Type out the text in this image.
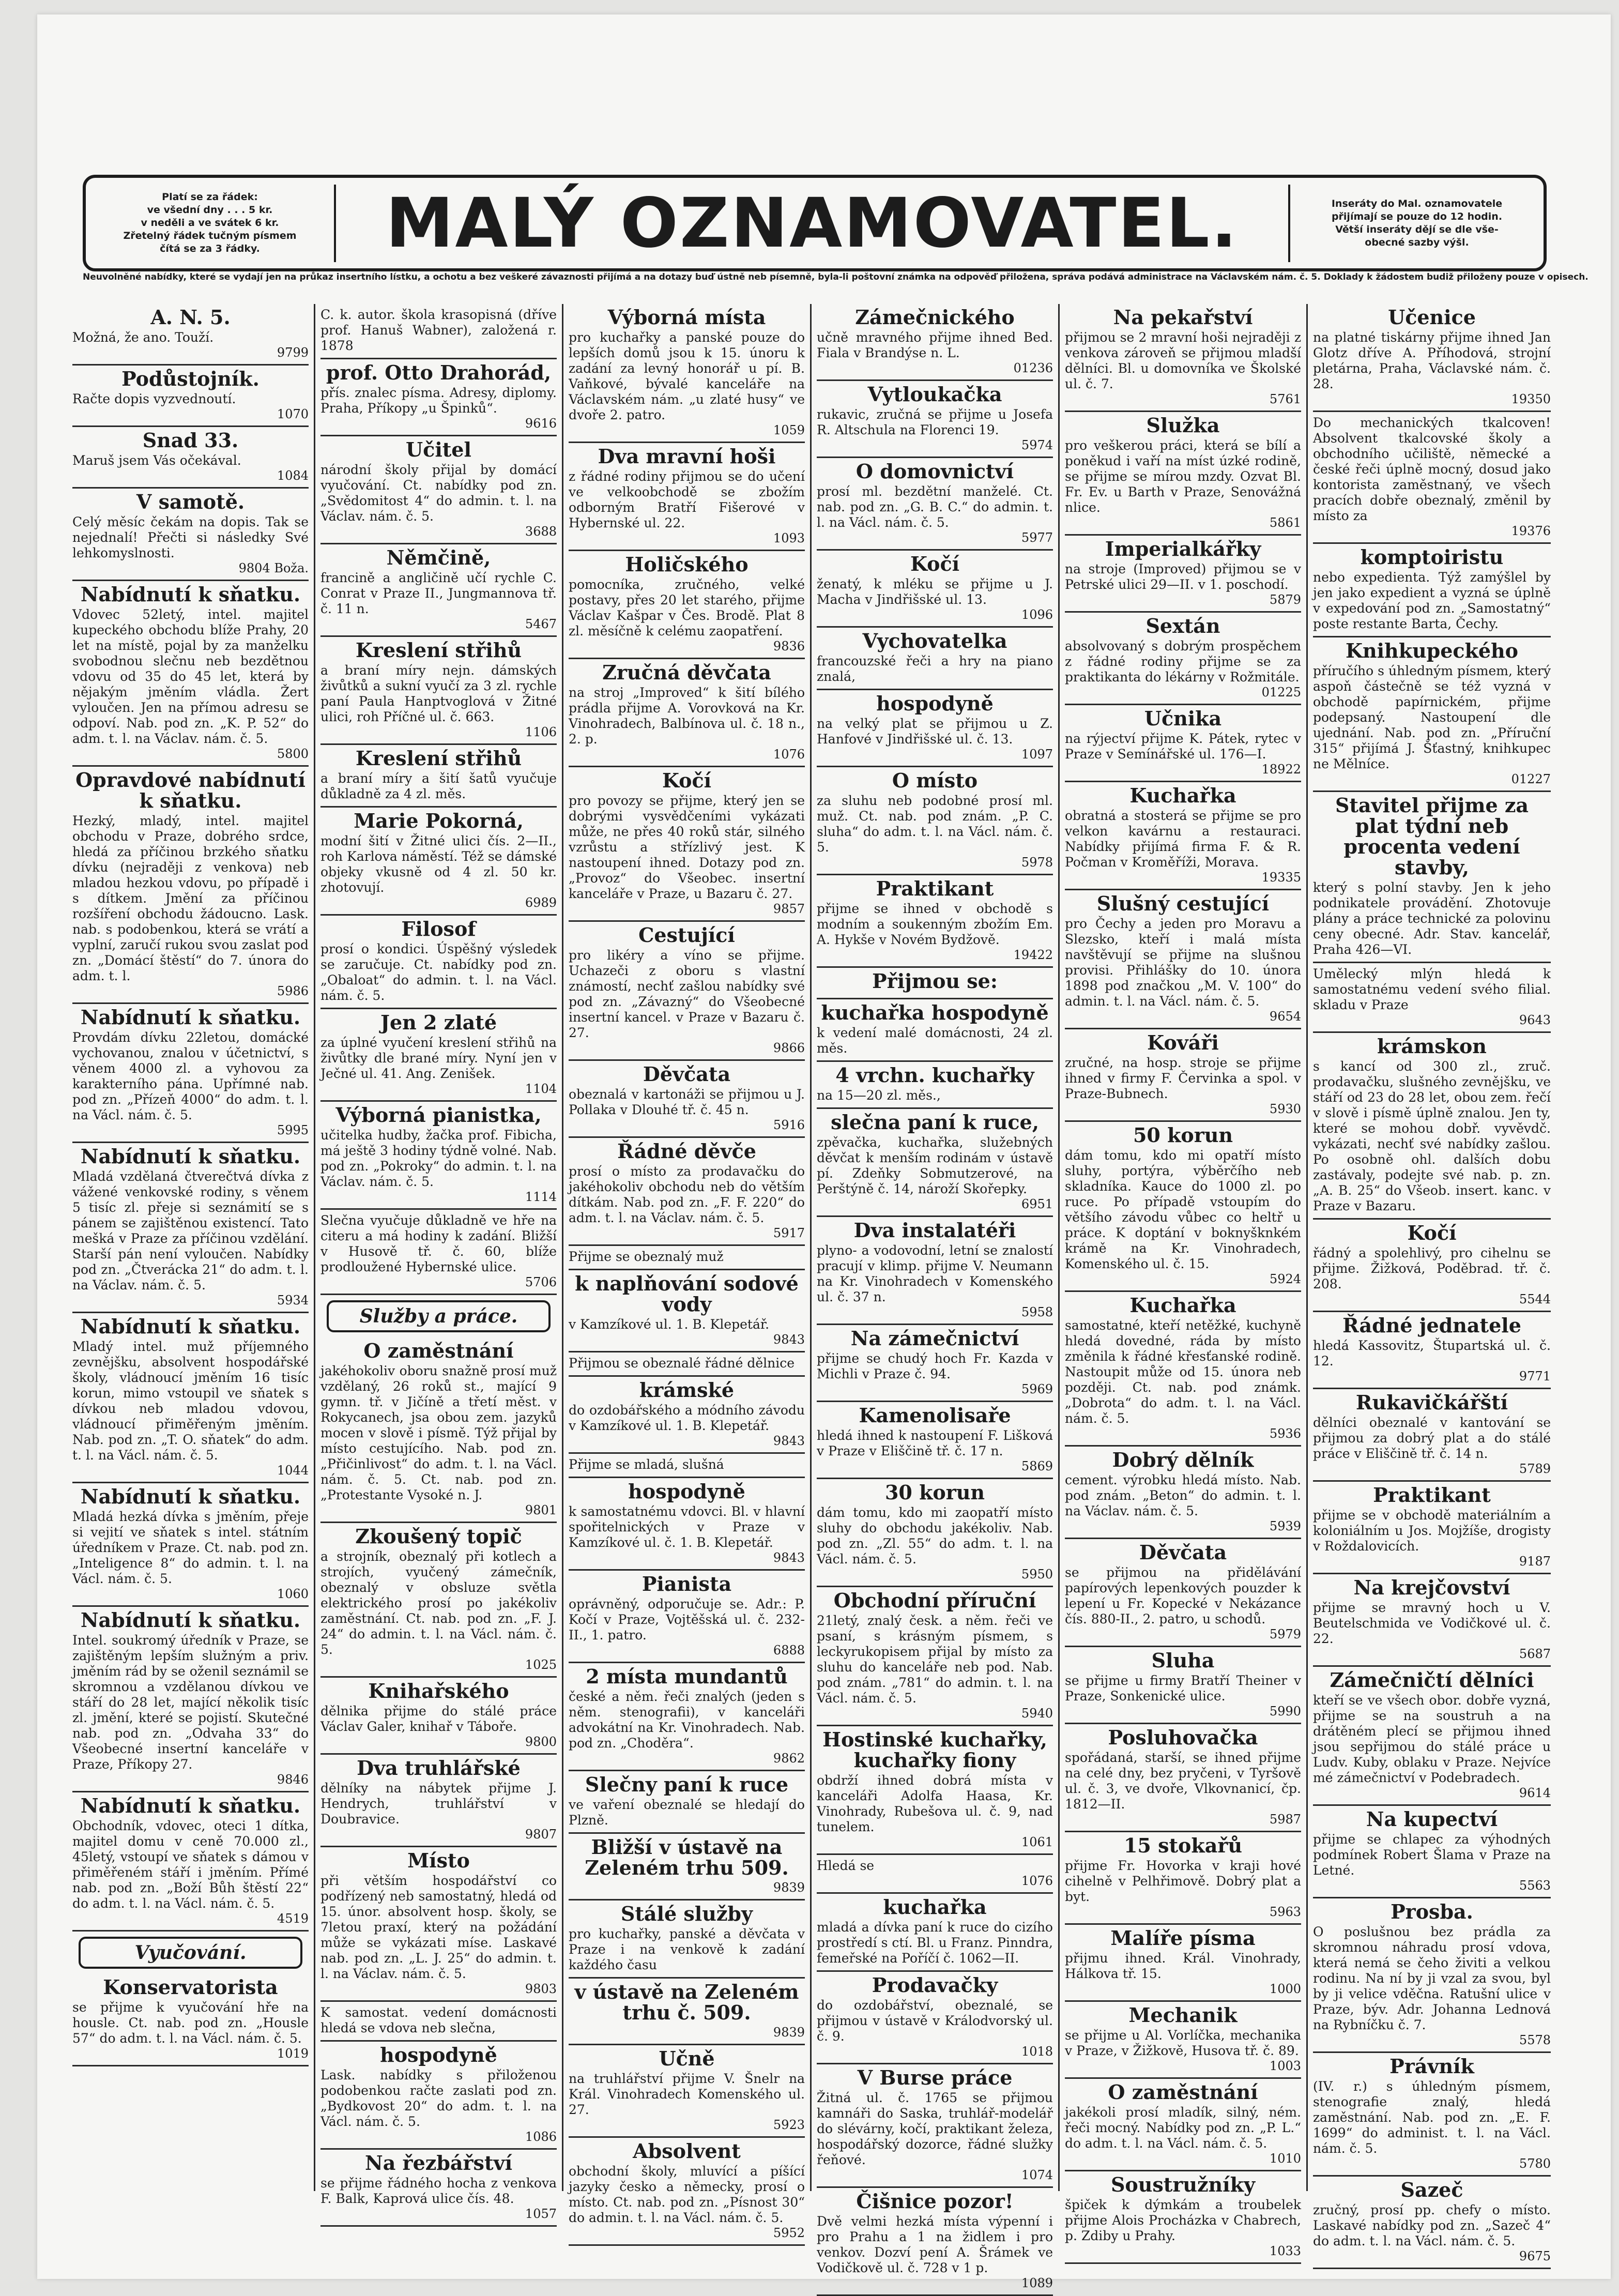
Platí se za řádek:
ve všední dny . . . 5 kr.
v neděli a ve svátek 6 kr.
Zřetelný řádek tučným písmem
čítá se za 3 řádky.	MALÝ OZNAMOVATEL.	Inseráty do Mal. oznamovatele
přijímají se pouze do 12 hodin.
Větší inseráty dějí se dle vše-
obecné sazby výšl.
Neuvolněné nabídky, které se vydají jen na průkaz insertního lístku, a ochotu a bez veškeré závaznosti přijímá a na dotazy buď ústně neb písemně, byla-li poštovní známka na odpověď přiložena, správa podává administrace na Václavském nám. č. 5. Doklady k žádostem budiž přiloženy pouze v opisech.
A. N. 5.

Možná, že ano. Touží.

9799
Podůstojník.

Račte dopis vyzvednoutí.

1070
Snad 33.

Maruš jsem Vás očekával.

1084
V samotě.

Celý měsíc čekám na dopis. Tak se nejednalí! Přečti si následky Své lehkomyslnosti.

9804 Boža.
Nabídnutí k sňatku.

Vdovec 52letý, intel. majitel kupeckého obchodu blíže Prahy, 20 let na místě, pojal by za manželku svobodnou slečnu neb bezdětnou vdovu od 35 do 45 let, která by nějakým jměním vládla. Žert vyloučen. Jen na přímou adresu se odpoví. Nab. pod zn. „K. P. 52“ do adm. t. l. na Václav. nám. č. 5.

5800
Opravdové nabídnutí k sňatku.

Hezký, mladý, intel. majitel obchodu v Praze, dobrého srdce, hledá za příčinou brzkého sňatku dívku (nejraději z venkova) neb mladou hezkou vdovu, po případě i s dítkem. Jmění za příčinou rozšíření obchodu žádoucno. Lask. nab. s podobenkou, která se vrátí a vyplní, zaručí rukou svou zaslat pod zn. „Domácí štěstí“ do 7. února do adm. t. l.

5986
Nabídnutí k sňatku.

Provdám dívku 22letou, domácké vychovanou, znalou v účetnictví, s věnem 4000 zl. a vyhovou za karakterního pána. Upřímné nab. pod zn. „Přízeň 4000“ do adm. t. l. na Václ. nám. č. 5.

5995
Nabídnutí k sňatku.

Mladá vzdělaná čtverečtvá dívka z vážené venkovské rodiny, s věnem 5 tisíc zl. přeje si seznámití se s pánem se zajištěnou existencí. Tato mešká v Praze za příčinou vzdělání. Starší pán není vyloučen. Nabídky pod zn. „Čtverácka 21“ do adm. t. l. na Václav. nám. č. 5.

5934
Nabídnutí k sňatku.

Mladý intel. muž příjemného zevnějšku, absolvent hospodářské školy, vládnoucí jměním 16 tisíc korun, mimo vstoupil ve sňatek s dívkou neb mladou vdovou, vládnoucí přiměřeným jměním. Nab. pod zn. „T. O. sňatek“ do adm. t. l. na Václ. nám. č. 5.

1044
Nabídnutí k sňatku.

Mladá hezká dívka s jměním, přeje si vejití ve sňatek s intel. státním úředníkem v Praze. Ct. nab. pod zn. „Inteligence 8“ do admin. t. l. na Václ. nám. č. 5.

1060
Nabídnutí k sňatku.

Intel. soukromý úředník v Praze, se zajištěným lepším služným a priv. jměním rád by se oženil seznámil se skromnou a vzdělanou dívkou ve stáří do 28 let, mající několik tisíc zl. jmění, které se pojistí. Skutečné nab. pod zn. „Odvaha 33“ do Všeobecné insertní kanceláře v Praze, Příkopy 27.

9846
Nabídnutí k sňatku.

Obchodník, vdovec, oteci 1 dítka, majitel domu v ceně 70.000 zl., 45letý, vstoupí ve sňatek s dámou v přiměřeném stáří i jměním. Přímé nab. pod zn. „Boží Bůh štěstí 22“ do adm. t. l. na Václ. nám. č. 5.

4519
Vyučování.
Konservatorista

se přijme k vyučování hře na housle. Ct. nab. pod zn. „Housle 57“ do adm. t. l. na Václ. nám. č. 5.

1019

C. k. autor. škola krasopisná (dříve prof. Hanuš Wabner), založená r. 1878

prof. Otto Drahorád,

přís. znalec písma. Adresy, diplomy. Praha, Příkopy „u Špinků“.

9616
Učitel

národní školy přijal by domácí vyučování. Ct. nabídky pod zn. „Svědomitost 4“ do admin. t. l. na Václav. nám. č. 5.

3688
Němčině,

francině a angličině učí rychle C. Conrat v Praze II., Jungmannova tř. č. 11 n.

5467
Kreslení střihů

a braní míry nejn. dámských živůtků a sukní vyučí za 3 zl. rychle paní Paula Hanptvoglová v Žitné ulici, roh Příčné ul. č. 663.

1106
Kreslení střihů

a braní míry a šití šatů vyučuje důkladně za 4 zl. měs.

Marie Pokorná,

modní šití v Žitné ulici čís. 2—II., roh Karlova náměstí. Též se dámské objeky vkusně od 4 zl. 50 kr. zhotovují.

6989
Filosof

prosí o kondici. Úspěšný výsledek se zaručuje. Ct. nabídky pod zn. „Obaloat“ do admin. t. l. na Václ. nám. č. 5.

Jen 2 zlaté

za úplné vyučení kreslení střihů na živůtky dle brané míry. Nyní jen v Ječné ul. 41. Ang. Zenišek.

1104
Výborná pianistka,

učitelka hudby, žačka prof. Fibicha, má ještě 3 hodiny týdně volné. Nab. pod zn. „Pokroky“ do admin. t. l. na Václav. nám. č. 5.

1114

Slečna vyučuje důkladně ve hře na citeru a má hodiny k zadání. Bližší v Husově tř. č. 60, blíže prodloužené Hybernské ulice.

5706
Služby a práce.
O zaměstnání

jakéhokoliv oboru snažně prosí muž vzdělaný, 26 roků st., mající 9 gymn. tř. v Jičíně a třetí měst. v Rokycanech, jsa obou zem. jazyků mocen v slově i písmě. Týž přijal by místo cestujícího. Nab. pod zn. „Přičinlivost“ do adm. t. l. na Václ. nám. č. 5. Ct. nab. pod zn. „Protestante Vysoké n. J.

9801
Zkoušený topič

a strojník, obeznalý při kotlech a strojích, vyučený zámečník, obeznalý v obsluze světla elektrického prosí po jakékoliv zaměstnání. Ct. nab. pod zn. „F. J. 24“ do admin. t. l. na Václ. nám. č. 5.

1025
Knihařského

dělnika přijme do stálé práce Václav Galer, knihař v Táboře.

9800
Dva truhlářské

dělníky na nábytek přijme J. Hendrych, truhlářství v Doubravice.

9807
Místo

při větším hospodářství co podřízený neb samostatný, hledá od 15. únor. absolvent hosp. školy, se 7letou praxí, který na požádání může se vykázati míse. Laskavé nab. pod zn. „L. J. 25“ do admin. t. l. na Václav. nám. č. 5.

9803

K samostat. vedení domácnosti hledá se vdova neb slečna,

hospodyně

Lask. nabídky s přiloženou podobenkou račte zaslati pod zn. „Bydkovost 20“ do adm. t. l. na Václ. nám. č. 5.

1086
Na řezbářství

se přijme řádného hocha z venkova F. Balk, Kaprová ulice čís. 48.

1057
Výborná místa

pro kuchařky a panské pouze do lepších domů jsou k 15. únoru k zadání za levný honorář u pí. B. Vaňkové, bývalé kanceláře na Václavském nám. „u zlaté husy“ ve dvoře 2. patro.

1059
Dva mravní hoši

z řádné rodiny přijmou se do učení ve velkoobchodě se zbožím odborným Bratří Fišerové v Hybernské ul. 22.

1093
Holičského

pomocníka, zručného, velké postavy, přes 20 let starého, přijme Václav Kašpar v Čes. Brodě. Plat 8 zl. měsíčně k celému zaopatření.

9836
Zručná děvčata

na stroj „Improved“ k šití bílého prádla přijme A. Vorovková na Kr. Vinohradech, Balbínova ul. č. 18 n., 2. p.

1076
Kočí

pro povozy se přijme, který jen se dobrými vysvědčeními vykázati může, ne přes 40 roků stár, silného vzrůstu a střízlivý jest. K nastoupení ihned. Dotazy pod zn. „Provoz“ do Všeobec. insertní kanceláře v Praze, u Bazaru č. 27.

9857
Cestující

pro likéry a víno se přijme. Uchazeči z oboru s vlastní známostí, nechť zašlou nabídky své pod zn. „Závazný“ do Všeobecné insertní kancel. v Praze v Bazaru č. 27.

9866
Děvčata

obeznalá v kartonáži se přijmou u J. Pollaka v Dlouhé tř. č. 45 n.

5916
Řádné děvče

prosí o místo za prodavačku do jakéhokoliv obchodu neb do větším dítkám. Nab. pod zn. „F. F. 220“ do adm. t. l. na Václav. nám. č. 5.

5917

Přijme se obeznalý muž

k naplňování sodové vody

v Kamzíkové ul. 1. B. Klepetář.

9843

Přijmou se obeznalé řádné dělnice

krámské

do ozdobářského a módního závodu v Kamzíkové ul. 1. B. Klepetář.

9843

Přijme se mladá, slušná

hospodyně

k samostatnému vdovci. Bl. v hlavní spořitelnických v Praze v Kamzíkové ul. č. 1. B. Klepetář.

9843
Pianista

oprávněný, odporučuje se. Adr.: P. Kočí v Praze, Vojtěšská ul. č. 232-II., 1. patro.

6888
2 místa mundantů

české a něm. řeči znalých (jeden s něm. stenografii), v kanceláři advokátní na Kr. Vinohradech. Nab. pod zn. „Choděra“.

9862
Slečny paní k ruce

ve vaření obeznalé se hledají do Plzně.

Bližší v ústavě na Zeleném trhu 509.
9839
Stálé služby

pro kuchařky, panské a děvčata v Praze i na venkově k zadání každého času

v ústavě na Zeleném trhu č. 509.
9839
Učně

na truhlářství přijme V. Šnelr na Král. Vinohradech Komenského ul. 27.

5923
Absolvent

obchodní školy, mluvící a píšící jazyky česko a německy, prosí o místo. Ct. nab. pod zn. „Písnost 30“ do admin. t. l. na Václ. nám. č. 5.

5952
Zámečnického

učně mravného přijme ihned Bed. Fiala v Brandýse n. L.

01236
Vytloukačka

rukavic, zručná se přijme u Josefa R. Altschula na Florenci 19.

5974
O domovnictví

prosí ml. bezdětní manželé. Ct. nab. pod zn. „G. B. C.“ do admin. t. l. na Václ. nám. č. 5.

5977
Kočí

ženatý, k mléku se přijme u J. Macha v Jindřišské ul. 13.

1096
Vychovatelka

francouzské řeči a hry na piano znalá,

hospodyně

na velký plat se přijmou u Z. Hanfové v Jindřišské ul. č. 13.

1097
O místo

za sluhu neb podobné prosí ml. muž. Ct. nab. pod znám. „P. C. sluha“ do adm. t. l. na Václ. nám. č. 5.

5978
Praktikant

přijme se ihned v obchodě s modním a soukenným zbožím Em. A. Hykše v Novém Bydžově.

19422
Přijmou se:
kuchařka hospodyně

k vedení malé domácnosti, 24 zl. měs.

4 vrchn. kuchařky

na 15—20 zl. měs.,

slečna paní k ruce,

zpěvačka, kuchařka, služebných děvčat k menším rodinám v ústavě pí. Zdeňky Sobmutzerové, na Perštýně č. 14, nároží Skořepky.

6951
Dva instalatéři

plyno- a vodovodní, letní se znalostí pracují v klimp. přijme V. Neumann na Kr. Vinohradech v Komenského ul. č. 37 n.

5958
Na zámečnictví

přijme se chudý hoch Fr. Kazda v Michli v Praze č. 94.

5969
Kamenolisaře

hledá ihned k nastoupení F. Lišková v Praze v Eliščině tř. č. 17 n.

5869
30 korun

dám tomu, kdo mi zaopatří místo sluhy do obchodu jakékoliv. Nab. pod zn. „Zl. 55“ do adm. t. l. na Václ. nám. č. 5.

5950
Obchodní příruční

21letý, znalý česk. a něm. řeči ve psaní, s krásným písmem, s leckyrukopisem přijal by místo za sluhu do kanceláře neb pod. Nab. pod znám. „781“ do admin. t. l. na Václ. nám. č. 5.

5940
Hostinské kuchařky, kuchařky fiony

obdrží ihned dobrá místa v kanceláři Adolfa Haasa, Kr. Vinohrady, Rubešova ul. č. 9, nad tunelem.

1061

Hledá se

1076
kuchařka

mladá a dívka paní k ruce do cizího prostředí s ctí. Bl. u Franz. Pinndra, femeřské na Poříčí č. 1062—II.

Prodavačky

do ozdobářství, obeznalé, se přijmou v ústavě v Králodvorský ul. č. 9.

1018
V Burse práce

Žitná ul. č. 1765 se přijmou kamnáři do Saska, truhlář-modelář do slévárny, kočí, praktikant železa, hospodářský dozorce, řádné služky řeňové.

1074
Čišnice pozor!

Dvě velmi hezká místa výpenní i pro Prahu a 1 na židlem i pro venkov. Dozví pení A. Šrámek ve Vodičkově ul. č. 728 v 1 p.

1089
Na pekařství

přijmou se 2 mravní hoši nejraději z venkova zároveň se přijmou mladší dělníci. Bl. u domovníka ve Školské ul. č. 7.

5761
Služka

pro veškerou práci, která se bílí a poněkud i vaří na míst úzké rodině, se přijme se mírou mzdy. Ozvat Bl. Fr. Ev. u Barth v Praze, Senovážná nlice.

5861
Imperialkářky

na stroje (Improved) přijmou se v Petrské ulici 29—II. v 1. poschodí.

5879
Sextán

absolvovaný s dobrým prospěchem z řádné rodiny přijme se za praktikanta do lékárny v Rožmitále.

01225
Učnika

na rýjectví přijme K. Pátek, rytec v Praze v Semínářské ul. 176—I.

18922
Kuchařka

obratná a stosterá se přijme se pro velkon kavárnu a restauraci. Nabídky přijímá firma F. & R. Počman v Kroměříži, Morava.

19335
Slušný cestující

pro Čechy a jeden pro Moravu a Slezsko, kteří i malá místa navštěvují se přijme na slušnou provisi. Přihlášky do 10. února 1898 pod značkou „M. V. 100“ do admin. t. l. na Václ. nám. č. 5.

9654
Kováři

zručné, na hosp. stroje se přijme ihned v firmy F. Červinka a spol. v Praze-Bubnech.

5930
50 korun

dám tomu, kdo mi opatří místo sluhy, portýra, výběrčího neb skladníka. Kauce do 1000 zl. po ruce. Po případě vstoupím do většího závodu vůbec co heltř u práce. K doptání v boknyšknkém krámě na Kr. Vinohradech, Komenského ul. č. 15.

5924
Kuchařka

samostatné, kteří netěžké, kuchyně hledá dovedné, ráda by místo změnila k řádné křesťanské rodině. Nastoupit může od 15. února neb později. Ct. nab. pod známk. „Dobrota“ do adm. t. l. na Václ. nám. č. 5.

5936
Dobrý dělník

cement. výrobku hledá místo. Nab. pod znám. „Beton“ do admin. t. l. na Václav. nám. č. 5.

5939
Děvčata

se přijmou na přidělávání papírových lepenkových pouzder k lepení u Fr. Kopecké v Nekázance čís. 880-II., 2. patro, u schodů.

5979
Sluha

se přijme u firmy Bratří Theiner v Praze, Sonkenické ulice.

5990
Posluhovačka

spořádaná, starší, se ihned přijme na celé dny, bez pryčeni, v Tyršově ul. č. 3, ve dvoře, Vlkovnanicí, čp. 1812—II.

5987
15 stokařů

přijme Fr. Hovorka v kraji hové cihelně v Pelhřimově. Dobrý plat a byt.

5963
Malíře písma

přijmu ihned. Král. Vinohrady, Hálkova tř. 15.

1000
Mechanik

se přijme u Al. Vorlíčka, mechanika v Praze, v Žižkově, Husova tř. č. 89.

1003
O zaměstnání

jakékoli prosí mladík, silný, ném. řeči mocný. Nabídky pod zn. „P. L.“ do adm. t. l. na Václ. nám. č. 5.

1010
Soustružníky

špiček k dýmkám a troubelek přijme Alois Procházka v Chabrech, p. Zdiby u Prahy.

1033
Učenice

na platné tiskárny přijme ihned Jan Glotz dříve A. Příhodová, strojní pletárna, Praha, Václavské nám. č. 28.

19350

Do mechanických tkalcoven! Absolvent tkalcovské školy a obchodního učiliště, německé a české řeči úplně mocný, dosud jako kontorista zaměstnaný, ve všech pracích dobře obeznalý, změnil by místo za

19376
komptoiristu

nebo expedienta. Týž zamýšlel by jen jako expedient a vyzná se úplně v expedování pod zn. „Samostatný“ poste restante Barta, Čechy.

Knihkupeckého

příručího s úhledným písmem, který aspoň částečně se též vyzná v obchodě papírnickém, přijme podepsaný. Nastoupení dle ujednání. Nab. pod zn. „Příruční 315“ přijímá J. Šťastný, knihkupec ne Mělníce.

01227
Stavitel přijme za plat týdní neb procenta vedení stavby,

který s polní stavby. Jen k jeho podnikatele provádění. Zhotovuje plány a práce technické za polovinu ceny obecné. Adr. Stav. kancelář, Praha 426—VI.

Umělecký mlýn hledá k samostatnému vedení svého filial. skladu v Praze

9643
krámskon

s kancí od 300 zl., zruč. prodavačku, slušného zevnějšku, ve stáří od 23 do 28 let, obou zem. řečí v slově i písmě úplně znalou. Jen ty, které se mohou dobř. vyvěvdč. vykázati, nechť své nabídky zašlou. Po osobně ohl. dalších dobu zastávaly, podejte své nab. p. zn. „A. B. 25“ do Všeob. insert. kanc. v Praze v Bazaru.

Kočí

řádný a spolehlivý, pro cihelnu se přijme. Žižková, Poděbrad. tř. č. 208.

5544
Řádné jednatele

hledá Kassovitz, Štupartská ul. č. 12.

9771
Rukavičkářští

dělníci obeznalé v kantování se přijmou za dobrý plat a do stálé práce v Eliščině tř. č. 14 n.

5789
Praktikant

přijme se v obchodě materiálním a koloniálním u Jos. Mojžíše, drogisty v Roždalovicích.

9187
Na krejčovství

přijme se mravný hoch u V. Beutelschmida ve Vodičkové ul. č. 22.

5687
Zámečničtí dělníci

kteří se ve všech obor. dobře vyzná, přijme se na soustruh a na drátěném plecí se přijmou ihned jsou sepřijmou do stálé práce u Ludv. Kuby, oblaku v Praze. Nejvíce mé zámečnictví v Podebradech.

9614
Na kupectví

přijme se chlapec za výhodných podmínek Robert Šlama v Praze na Letné.

5563
Prosba.

O poslušnou bez prádla za skromnou náhradu prosí vdova, která nemá se čeho živiti a velkou rodinu. Na ní by ji vzal za svou, byl by ji velice vděčna. Ratušní ulice v Praze, býv. Adr. Johanna Lednová na Rybníčku č. 7.

5578
Právník

(IV. r.) s úhledným písmem, stenografie znalý, hledá zaměstnání. Nab. pod zn. „E. F. 1699“ do administ. t. l. na Václ. nám. č. 5.

5780
Sazeč

zručný, prosí pp. chefy o místo. Laskavé nabídky pod zn. „Sazeč 4“ do adm. t. l. na Václ. nám. č. 5.

9675
